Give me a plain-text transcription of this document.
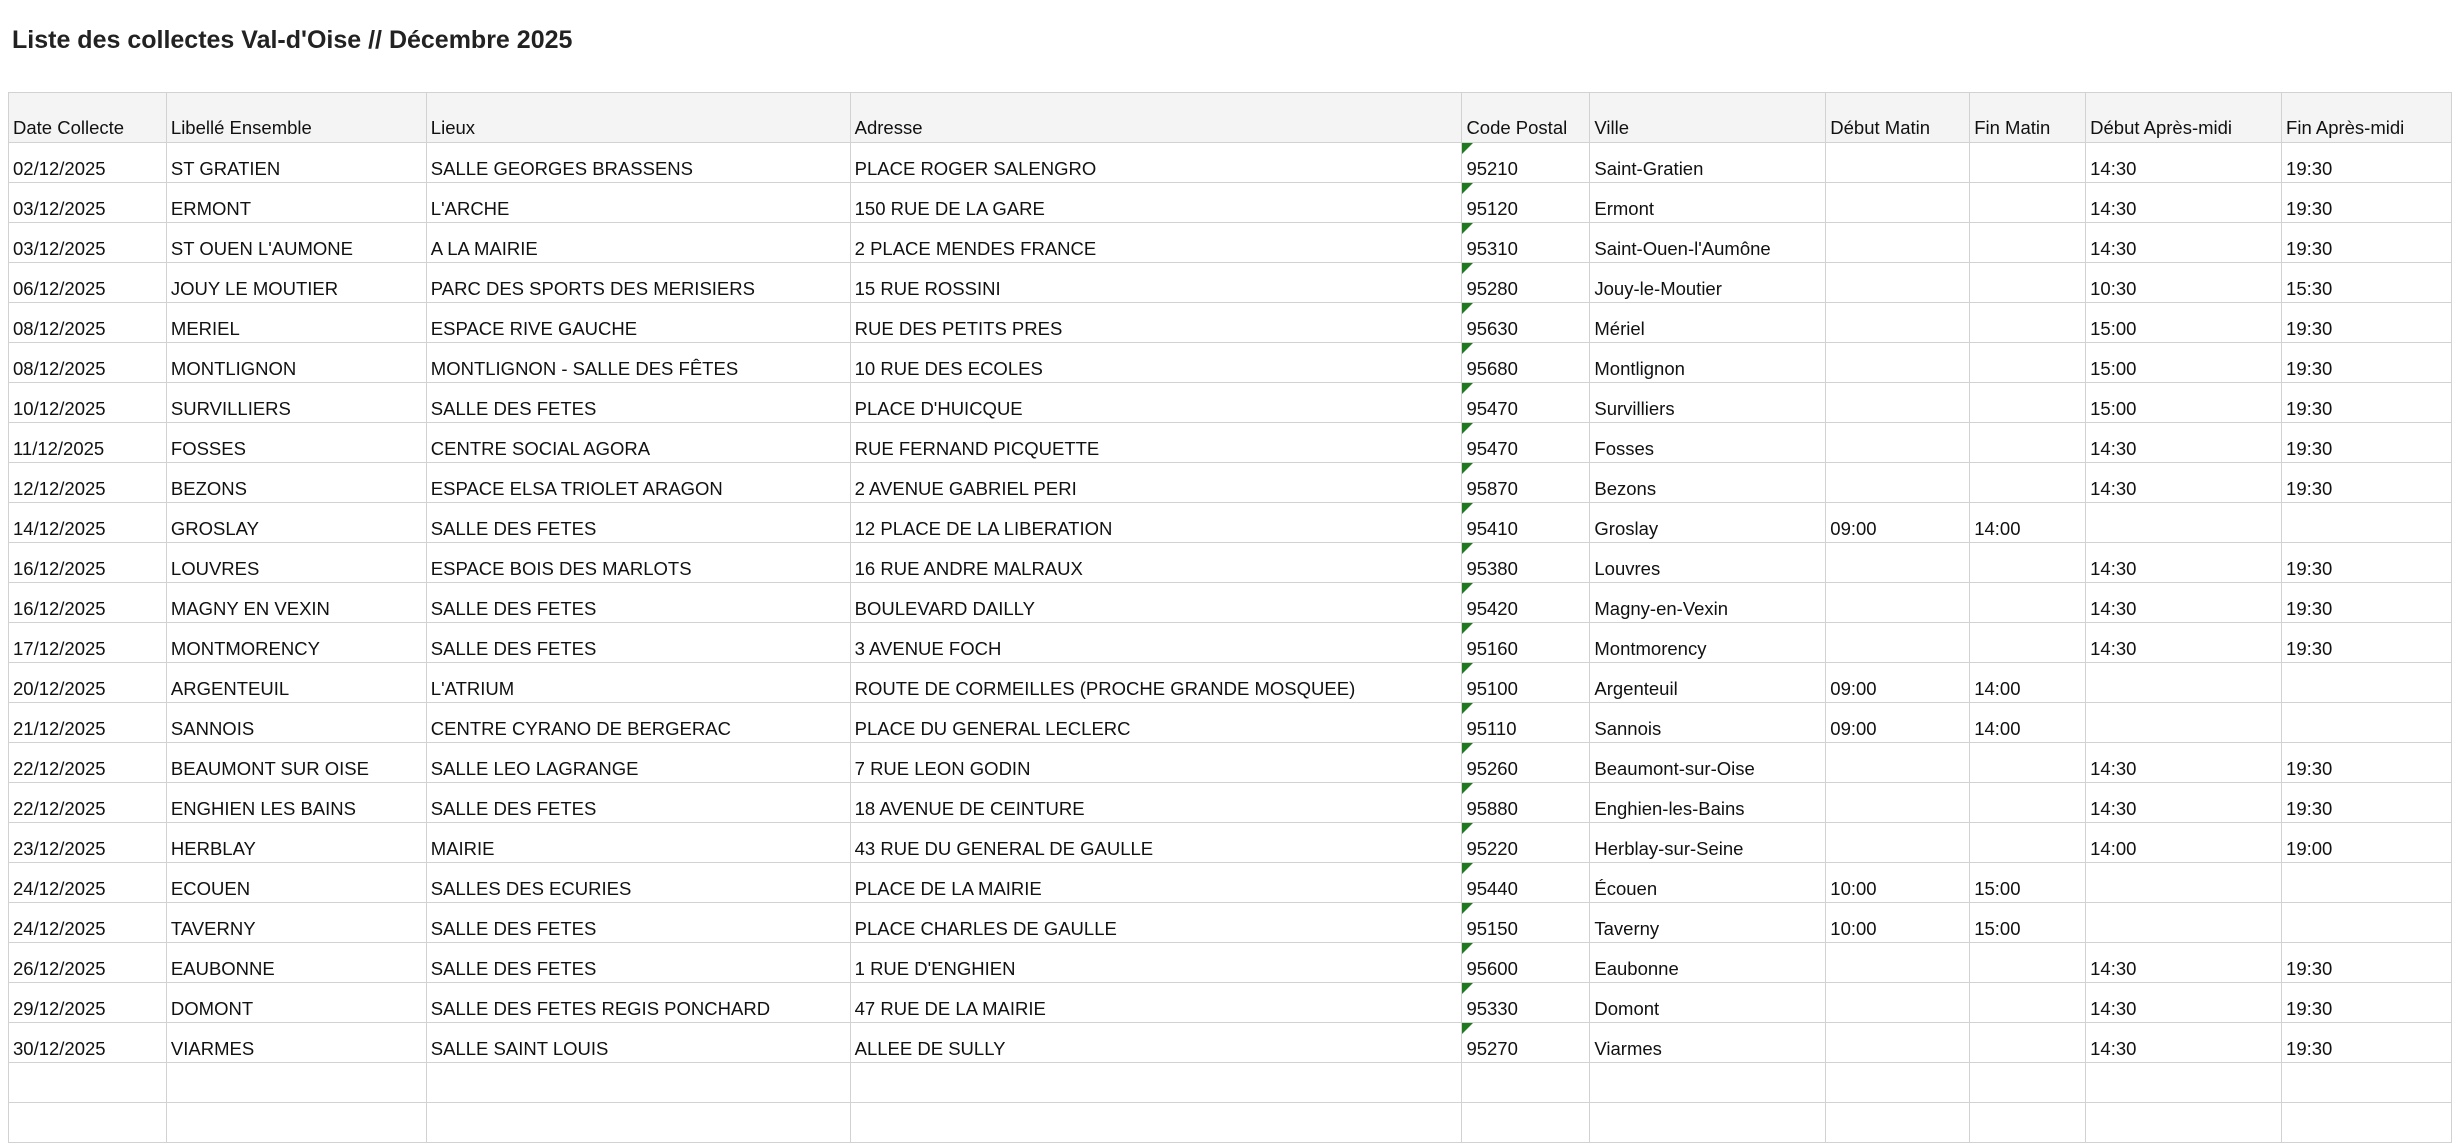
Liste des collectes Val-d'Oise // Décembre 2025
Date Collecte	Libellé Ensemble	Lieux	Adresse	Code Postal	Ville	Début Matin	Fin Matin	Début Après-midi	Fin Après-midi
02/12/2025	ST GRATIEN	SALLE GEORGES BRASSENS	PLACE ROGER SALENGRO	95210	Saint-Gratien			14:30	19:30
03/12/2025	ERMONT	L'ARCHE	150 RUE DE LA GARE	95120	Ermont			14:30	19:30
03/12/2025	ST OUEN L'AUMONE	A LA MAIRIE	2 PLACE MENDES FRANCE	95310	Saint-Ouen-l'Aumône			14:30	19:30
06/12/2025	JOUY LE MOUTIER	PARC DES SPORTS DES MERISIERS	15 RUE ROSSINI	95280	Jouy-le-Moutier			10:30	15:30
08/12/2025	MERIEL	ESPACE RIVE GAUCHE	RUE DES PETITS PRES	95630	Mériel			15:00	19:30
08/12/2025	MONTLIGNON	MONTLIGNON - SALLE DES FÊTES	10 RUE DES ECOLES	95680	Montlignon			15:00	19:30
10/12/2025	SURVILLIERS	SALLE DES FETES	PLACE D'HUICQUE	95470	Survilliers			15:00	19:30
11/12/2025	FOSSES	CENTRE SOCIAL AGORA	RUE FERNAND PICQUETTE	95470	Fosses			14:30	19:30
12/12/2025	BEZONS	ESPACE ELSA TRIOLET ARAGON	2 AVENUE GABRIEL PERI	95870	Bezons			14:30	19:30
14/12/2025	GROSLAY	SALLE DES FETES	12 PLACE DE LA LIBERATION	95410	Groslay	09:00	14:00		
16/12/2025	LOUVRES	ESPACE BOIS DES MARLOTS	16 RUE ANDRE MALRAUX	95380	Louvres			14:30	19:30
16/12/2025	MAGNY EN VEXIN	SALLE DES FETES	BOULEVARD DAILLY	95420	Magny-en-Vexin			14:30	19:30
17/12/2025	MONTMORENCY	SALLE DES FETES	3 AVENUE FOCH	95160	Montmorency			14:30	19:30
20/12/2025	ARGENTEUIL	L'ATRIUM	ROUTE DE CORMEILLES (PROCHE GRANDE MOSQUEE)	95100	Argenteuil	09:00	14:00		
21/12/2025	SANNOIS	CENTRE CYRANO DE BERGERAC	PLACE DU GENERAL LECLERC	95110	Sannois	09:00	14:00		
22/12/2025	BEAUMONT SUR OISE	SALLE LEO LAGRANGE	7 RUE LEON GODIN	95260	Beaumont-sur-Oise			14:30	19:30
22/12/2025	ENGHIEN LES BAINS	SALLE DES FETES	18 AVENUE DE CEINTURE	95880	Enghien-les-Bains			14:30	19:30
23/12/2025	HERBLAY	MAIRIE	43 RUE DU GENERAL DE GAULLE	95220	Herblay-sur-Seine			14:00	19:00
24/12/2025	ECOUEN	SALLES DES ECURIES	PLACE DE LA MAIRIE	95440	Écouen	10:00	15:00		
24/12/2025	TAVERNY	SALLE DES FETES	PLACE CHARLES DE GAULLE	95150	Taverny	10:00	15:00		
26/12/2025	EAUBONNE	SALLE DES FETES	1 RUE D'ENGHIEN	95600	Eaubonne			14:30	19:30
29/12/2025	DOMONT	SALLE DES FETES REGIS PONCHARD	47 RUE DE LA MAIRIE	95330	Domont			14:30	19:30
30/12/2025	VIARMES	SALLE SAINT LOUIS	ALLEE DE SULLY	95270	Viarmes			14:30	19:30
